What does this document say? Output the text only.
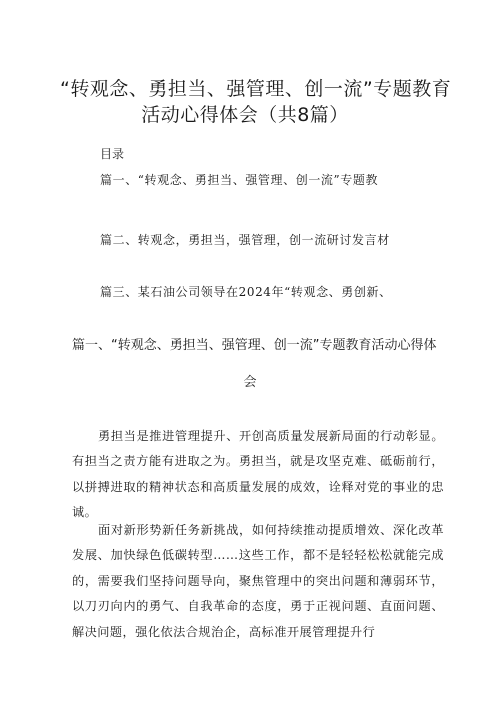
“转观念、勇担当、强管理、创一流”专题教育
活动心得体会（共8篇）
目录
篇一、“转观念、勇担当、强管理、创一流”专题教
篇二、转观念，勇担当，强管理，创一流研讨发言材
篇三、某石油公司领导在2024年“转观念、勇创新、
篇一、“转观念、勇担当、强管理、创一流”专题教育活动心得体
会
勇担当是推进管理提升、开创高质量发展新局面的行动彰显。有担当之责方能有进取之为。勇担当，就是攻坚克难、砥砺前行，以拼搏进取的精神状态和高质量发展的成效，诠释对党的事业的忠诚。
面对新形势新任务新挑战，如何持续推动提质增效、深化改革发展、加快绿色低碳转型……这些工作，都不是轻轻松松就能完成的，需要我们坚持问题导向，聚焦管理中的突出问题和薄弱环节，以刀刃向内的勇气、自我革命的态度，勇于正视问题、直面问题、解决问题，强化依法合规治企，高标准开展管理提升行
